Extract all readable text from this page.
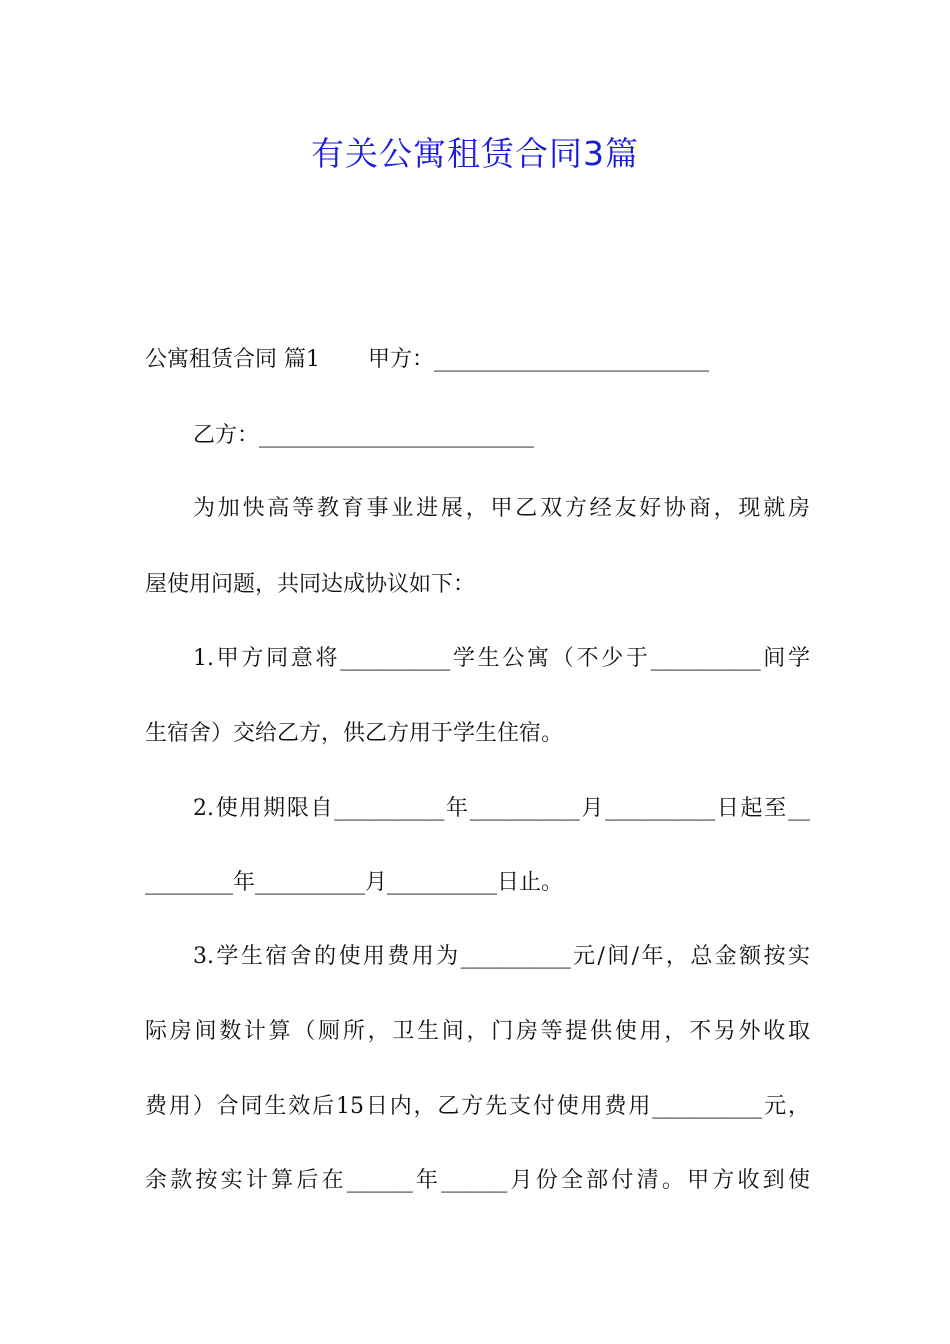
有关公寓租赁合同3篇
公寓租赁合同 篇1 甲方：_________________________
乙方：_________________________
为加快高等教育事业进展，甲乙双方经友好协商，现就房
屋使用问题，共同达成协议如下：
1.甲方同意将__________学生公寓（不少于__________间学
生宿舍）交给乙方，供乙方用于学生住宿。
2.使用期限自__________年__________月__________日起至__
________年__________月__________日止。
3.学生宿舍的使用费用为__________元/间/年，总金额按实
际房间数计算（厕所，卫生间，门房等提供使用，不另外收取
费用）合同生效后15日内，乙方先支付使用费用__________元，
余款按实计算后在______年______月份全部付清。甲方收到使
